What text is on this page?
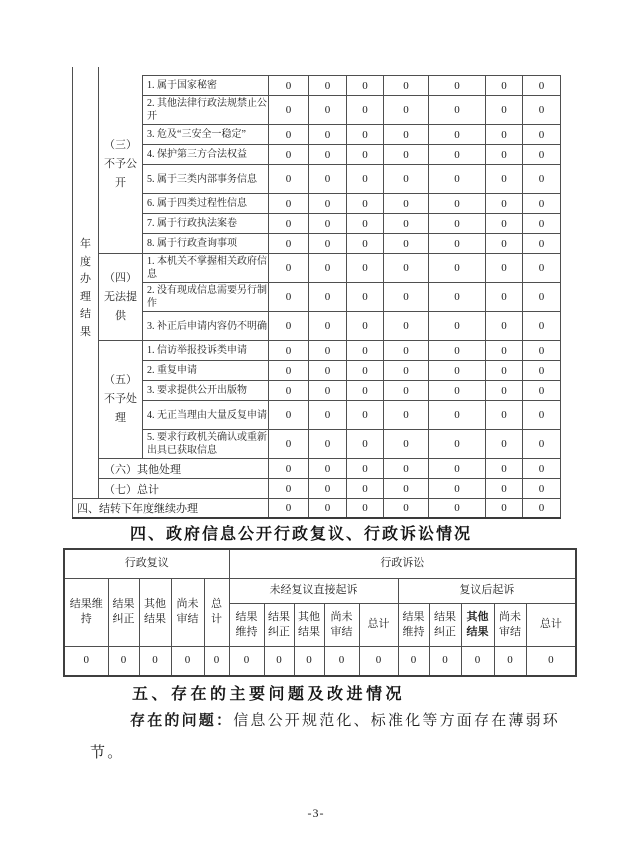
年度办理结果	（三）不予公开	1. 属于国家秘密	0	0	0	0	0	0	0
		2. 其他法律行政法规禁止公开	0	0	0	0	0	0	0
		3. 危及“三安全一稳定”	0	0	0	0	0	0	0
		4. 保护第三方合法权益	0	0	0	0	0	0	0
		5. 属于三类内部事务信息	0	0	0	0	0	0	0
		6. 属于四类过程性信息	0	0	0	0	0	0	0
		7. 属于行政执法案卷	0	0	0	0	0	0	0
		8. 属于行政查询事项	0	0	0	0	0	0	0
	（四）无法提供	1. 本机关不掌握相关政府信息	0	0	0	0	0	0	0
		2. 没有现成信息需要另行制作	0	0	0	0	0	0	0
		3. 补正后申请内容仍不明确	0	0	0	0	0	0	0
	（五）不予处理	1. 信访举报投诉类申请	0	0	0	0	0	0	0
		2. 重复申请	0	0	0	0	0	0	0
		3. 要求提供公开出版物	0	0	0	0	0	0	0
		4. 无正当理由大量反复申请	0	0	0	0	0	0	0
		5. 要求行政机关确认或重新出具已获取信息	0	0	0	0	0	0	0
	（六）其他处理		0	0	0	0	0	0	0
	（七）总计		0	0	0	0	0	0	0
四、结转下年度继续办理			0	0	0	0	0	0	0
四、政府信息公开行政复议、行政诉讼情况
行政复议					行政诉讼									
结果维持	结果纠正	其他结果	尚未审结	总计	未经复议直接起诉					复议后起诉				
					结果维持	结果纠正	其他结果	尚未审结	总计	结果维持	结果纠正	其他结果	尚未审结	总计
0	0	0	0	0	0	0	0	0	0	0	0	0	0	0
五、存在的主要问题及改进情况
存在的问题：信息公开规范化、标准化等方面存在薄弱环节。
-3-
